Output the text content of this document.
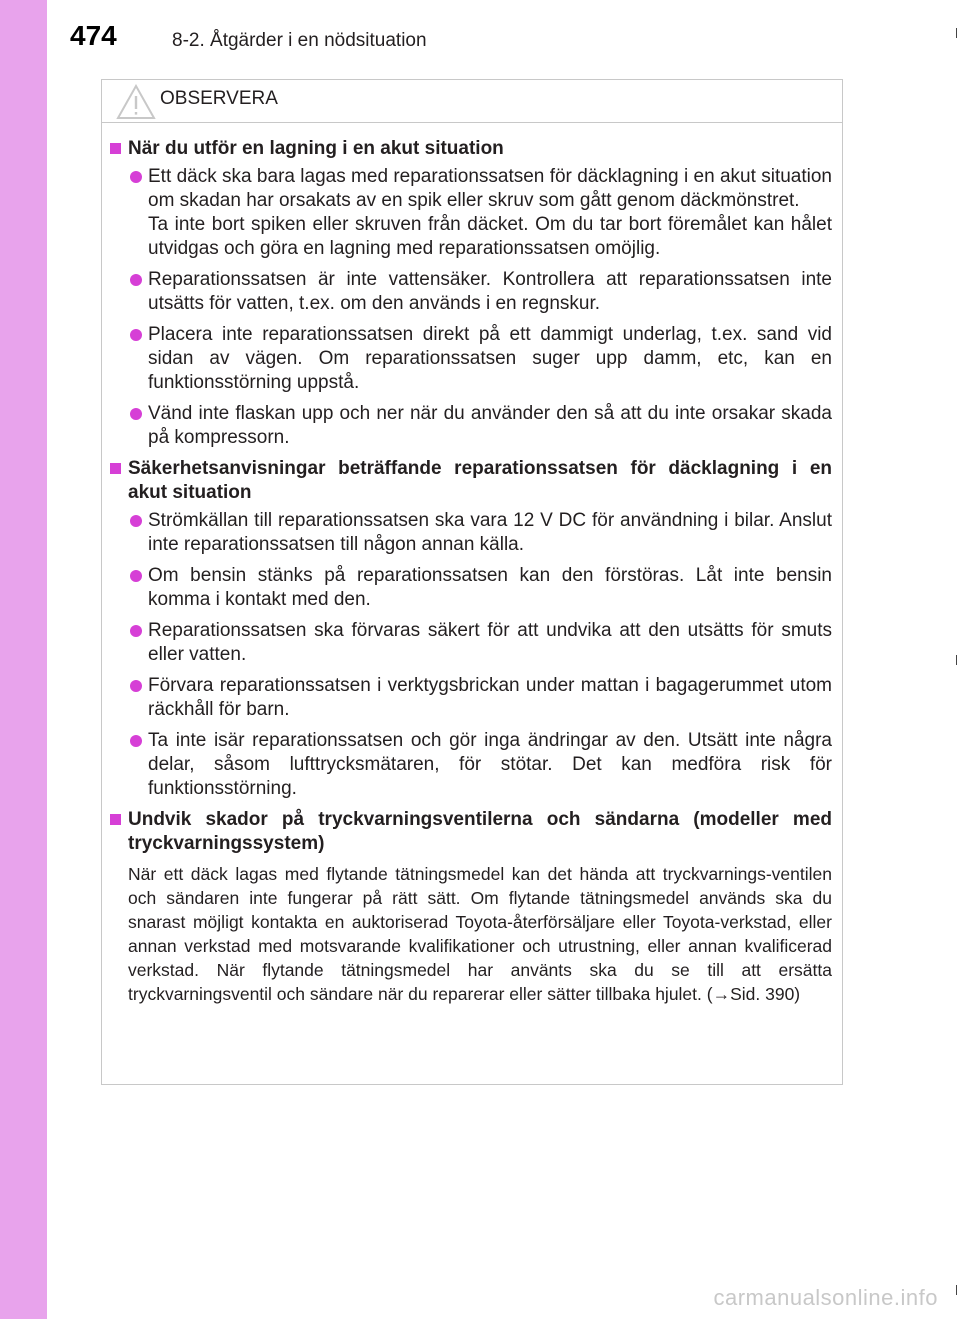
474	8-2. Åtgärder i en nödsituation
OBSERVERA
När du utför en lagning i en akut situation
Ett däck ska bara lagas med reparationssatsen för däcklagning i en akut situation om skadan har orsakats av en spik eller skruv som gått genom däckmönstret.
Ta inte bort spiken eller skruven från däcket. Om du tar bort föremålet kan hålet utvidgas och göra en lagning med reparationssatsen omöjlig.
Reparationssatsen är inte vattensäker. Kontrollera att reparationssatsen inte utsätts för vatten, t.ex. om den används i en regnskur.
Placera inte reparationssatsen direkt på ett dammigt underlag, t.ex. sand vid sidan av vägen. Om reparationssatsen suger upp damm, etc, kan en funktionsstörning uppstå.
Vänd inte flaskan upp och ner när du använder den så att du inte orsakar skada på kompressorn.
Säkerhetsanvisningar beträffande reparationssatsen för däcklagning i en akut situation
Strömkällan till reparationssatsen ska vara 12 V DC för användning i bilar. Anslut inte reparationssatsen till någon annan källa.
Om bensin stänks på reparationssatsen kan den förstöras. Låt inte bensin komma i kontakt med den.
Reparationssatsen ska förvaras säkert för att undvika att den utsätts för smuts eller vatten.
Förvara reparationssatsen i verktygsbrickan under mattan i bagagerummet utom räckhåll för barn.
Ta inte isär reparationssatsen och gör inga ändringar av den. Utsätt inte några delar, såsom lufttrycksmätaren, för stötar. Det kan medföra risk för funktionsstörning.
Undvik skador på tryckvarningsventilerna och sändarna (modeller med tryckvarningssystem)
När ett däck lagas med flytande tätningsmedel kan det hända att tryckvarnings-ventilen och sändaren inte fungerar på rätt sätt. Om flytande tätningsmedel används ska du snarast möjligt kontakta en auktoriserad Toyota-återförsäljare eller Toyota-verkstad, eller annan verkstad med motsvarande kvalifikationer och utrustning, eller annan kvalificerad verkstad. När flytande tätningsmedel har använts ska du se till att ersätta tryckvarningsventil och sändare när du reparerar eller sätter tillbaka hjulet. (→Sid. 390)
carmanualsonline.info
